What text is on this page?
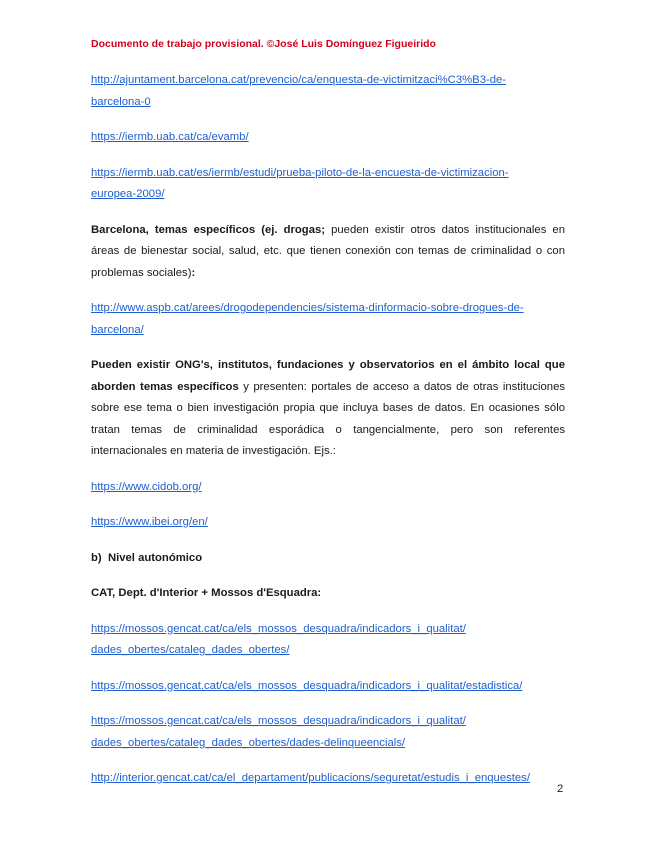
Documento de trabajo provisional. ©José Luis Domínguez Figueirido
http://ajuntament.barcelona.cat/prevencio/ca/enquesta-de-victimitzaci%C3%B3-de-
barcelona-0
https://iermb.uab.cat/ca/evamb/
https://iermb.uab.cat/es/iermb/estudi/prueba-piloto-de-la-encuesta-de-victimizacion-
europea-2009/

Barcelona, temas específicos (ej. drogas; pueden existir otros datos institucionales en áreas de bienestar social, salud, etc. que tienen conexión con temas de criminalidad o con problemas sociales):

http://www.aspb.cat/arees/drogodependencies/sistema-dinformacio-sobre-drogues-de-
barcelona/

Pueden existir ONG's, institutos, fundaciones y observatorios en el ámbito local que aborden temas específicos y presenten: portales de acceso a datos de otras instituciones sobre ese tema o bien investigación propia que incluya bases de datos. En ocasiones sólo tratan temas de criminalidad esporádica o tangencialmente, pero son referentes internacionales en materia de investigación. Ejs.:

https://www.cidob.org/
https://www.ibei.org/en/
b)  Nivel autonómico
CAT, Dept. d'Interior + Mossos d'Esquadra:
https://mossos.gencat.cat/ca/els_mossos_desquadra/indicadors_i_qualitat/
dades_obertes/cataleg_dades_obertes/
https://mossos.gencat.cat/ca/els_mossos_desquadra/indicadors_i_qualitat/estadistica/
https://mossos.gencat.cat/ca/els_mossos_desquadra/indicadors_i_qualitat/
dades_obertes/cataleg_dades_obertes/dades-delinqueencials/
http://interior.gencat.cat/ca/el_departament/publicacions/seguretat/estudis_i_enquestes/
2
